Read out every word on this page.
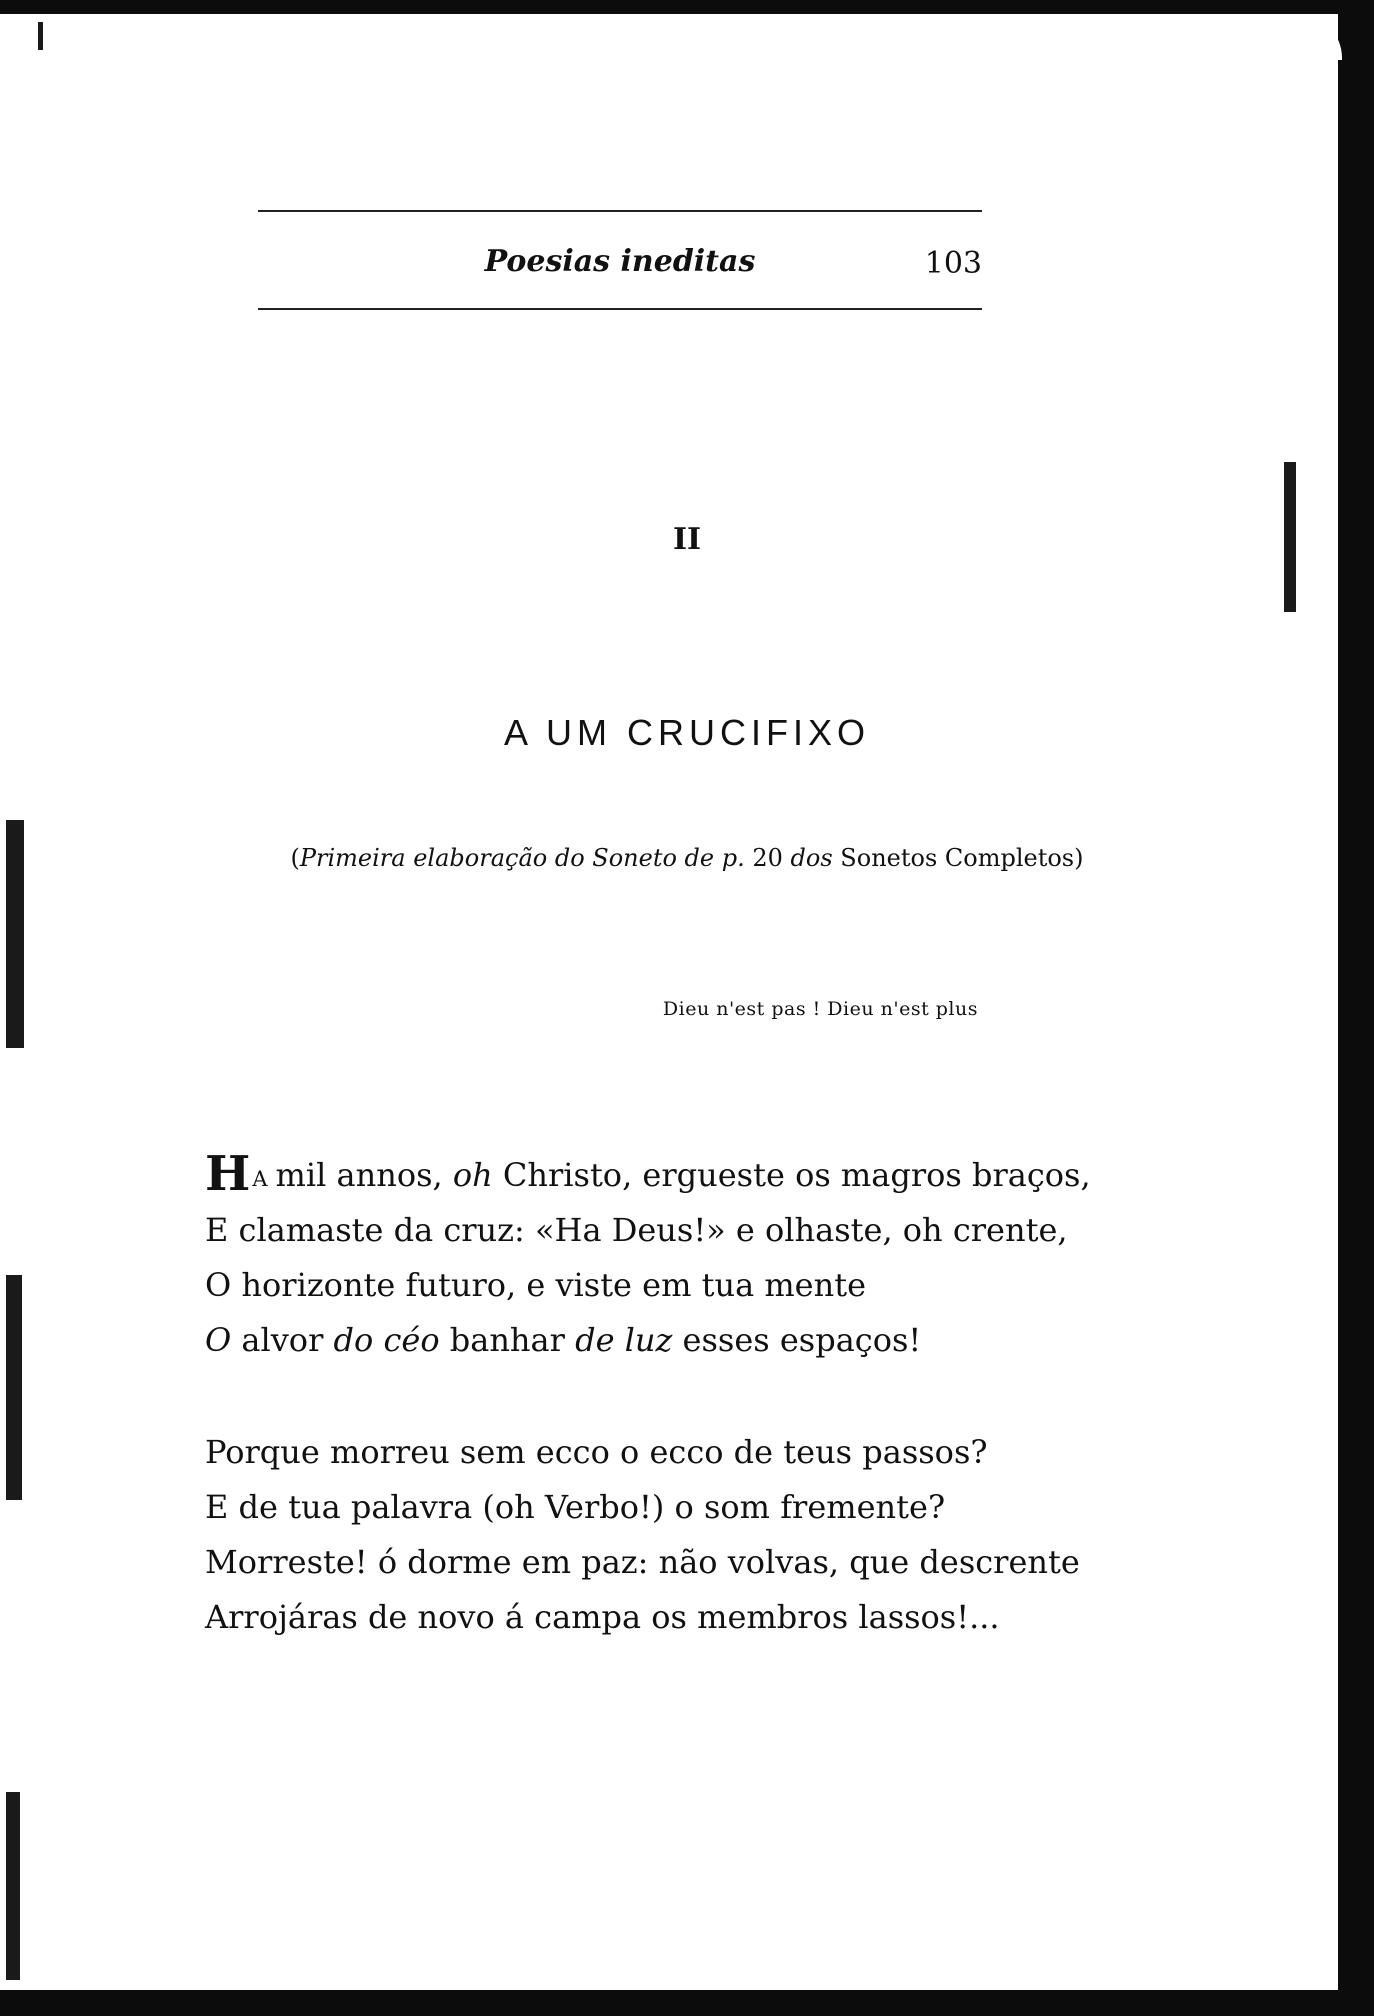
Poesias ineditas	103
II
A UM CRUCIFIXO
(Primeira elaboração do Soneto de p. 20 dos Sonetos Completos)
Dieu n'est pas ! Dieu n'est plus
HA mil annos, oh Christo, ergueste os magros braços,
E clamaste da cruz: «Ha Deus!» e olhaste, oh crente,
O horizonte futuro, e viste em tua mente
O alvor do céo banhar de luz esses espaços!
Porque morreu sem ecco o ecco de teus passos?
E de tua palavra (oh Verbo!) o som fremente?
Morreste! ó dorme em paz: não volvas, que descrente
Arrojáras de novo á campa os membros lassos!...
